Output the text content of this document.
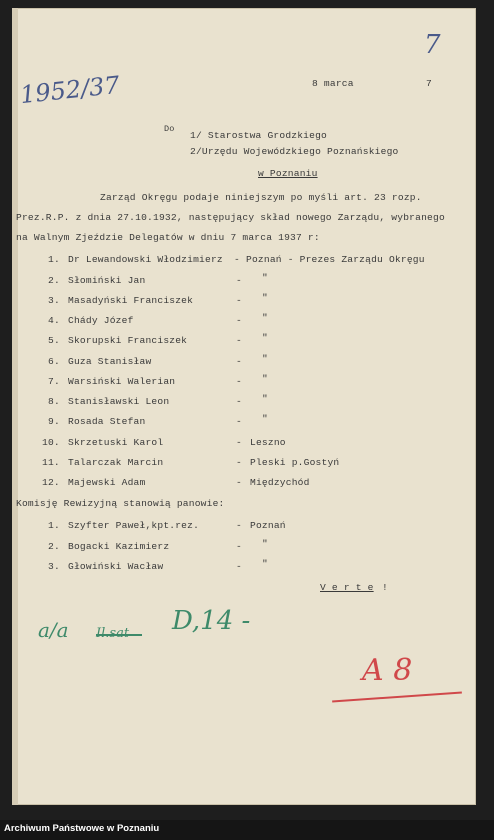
1952/37
7
8 marca	7
Do
1/ Starostwa Grodzkiego
2/Urzędu Wojewódzkiego Poznańskiego
w Poznaniu
Zarząd Okręgu podaje niniejszym po myśli art. 23 rozp.
Prez.R.P. z dnia 27.10.1932, następujący skład nowego Zarządu, wybranego
na Walnym Zjeździe Delegatów w dniu 7 marca 1937 r:
1. Dr Lewandowski Włodzimierz - Poznań - Prezes Zarządu Okręgu
2. Słomiński Jan	- "
3. Masadyński Franciszek	- "
4. Chády Józef	- "
5. Skorupski Franciszek	- "
6. Guza Stanisław	- "
7. Warsiński Walerian	- "
8. Stanisławski Leon	- "
9. Rosada Stefan	- "
10. Skrzetuski Karol	- Leszno
11. Talarczak Marcin	- Pleski p.Gostyń
12. Majewski Adam	- Międzychód
Komisję Rewizyjną stanowią panowie:
1. Szyfter Paweł,kpt.rez.	- Poznań
2. Bogacki Kazimierz	- "
3. Głowiński Wacław	- "
V e r t e !
a/a	D,14 -
A 8
Archiwum Państwowe w Poznaniu
